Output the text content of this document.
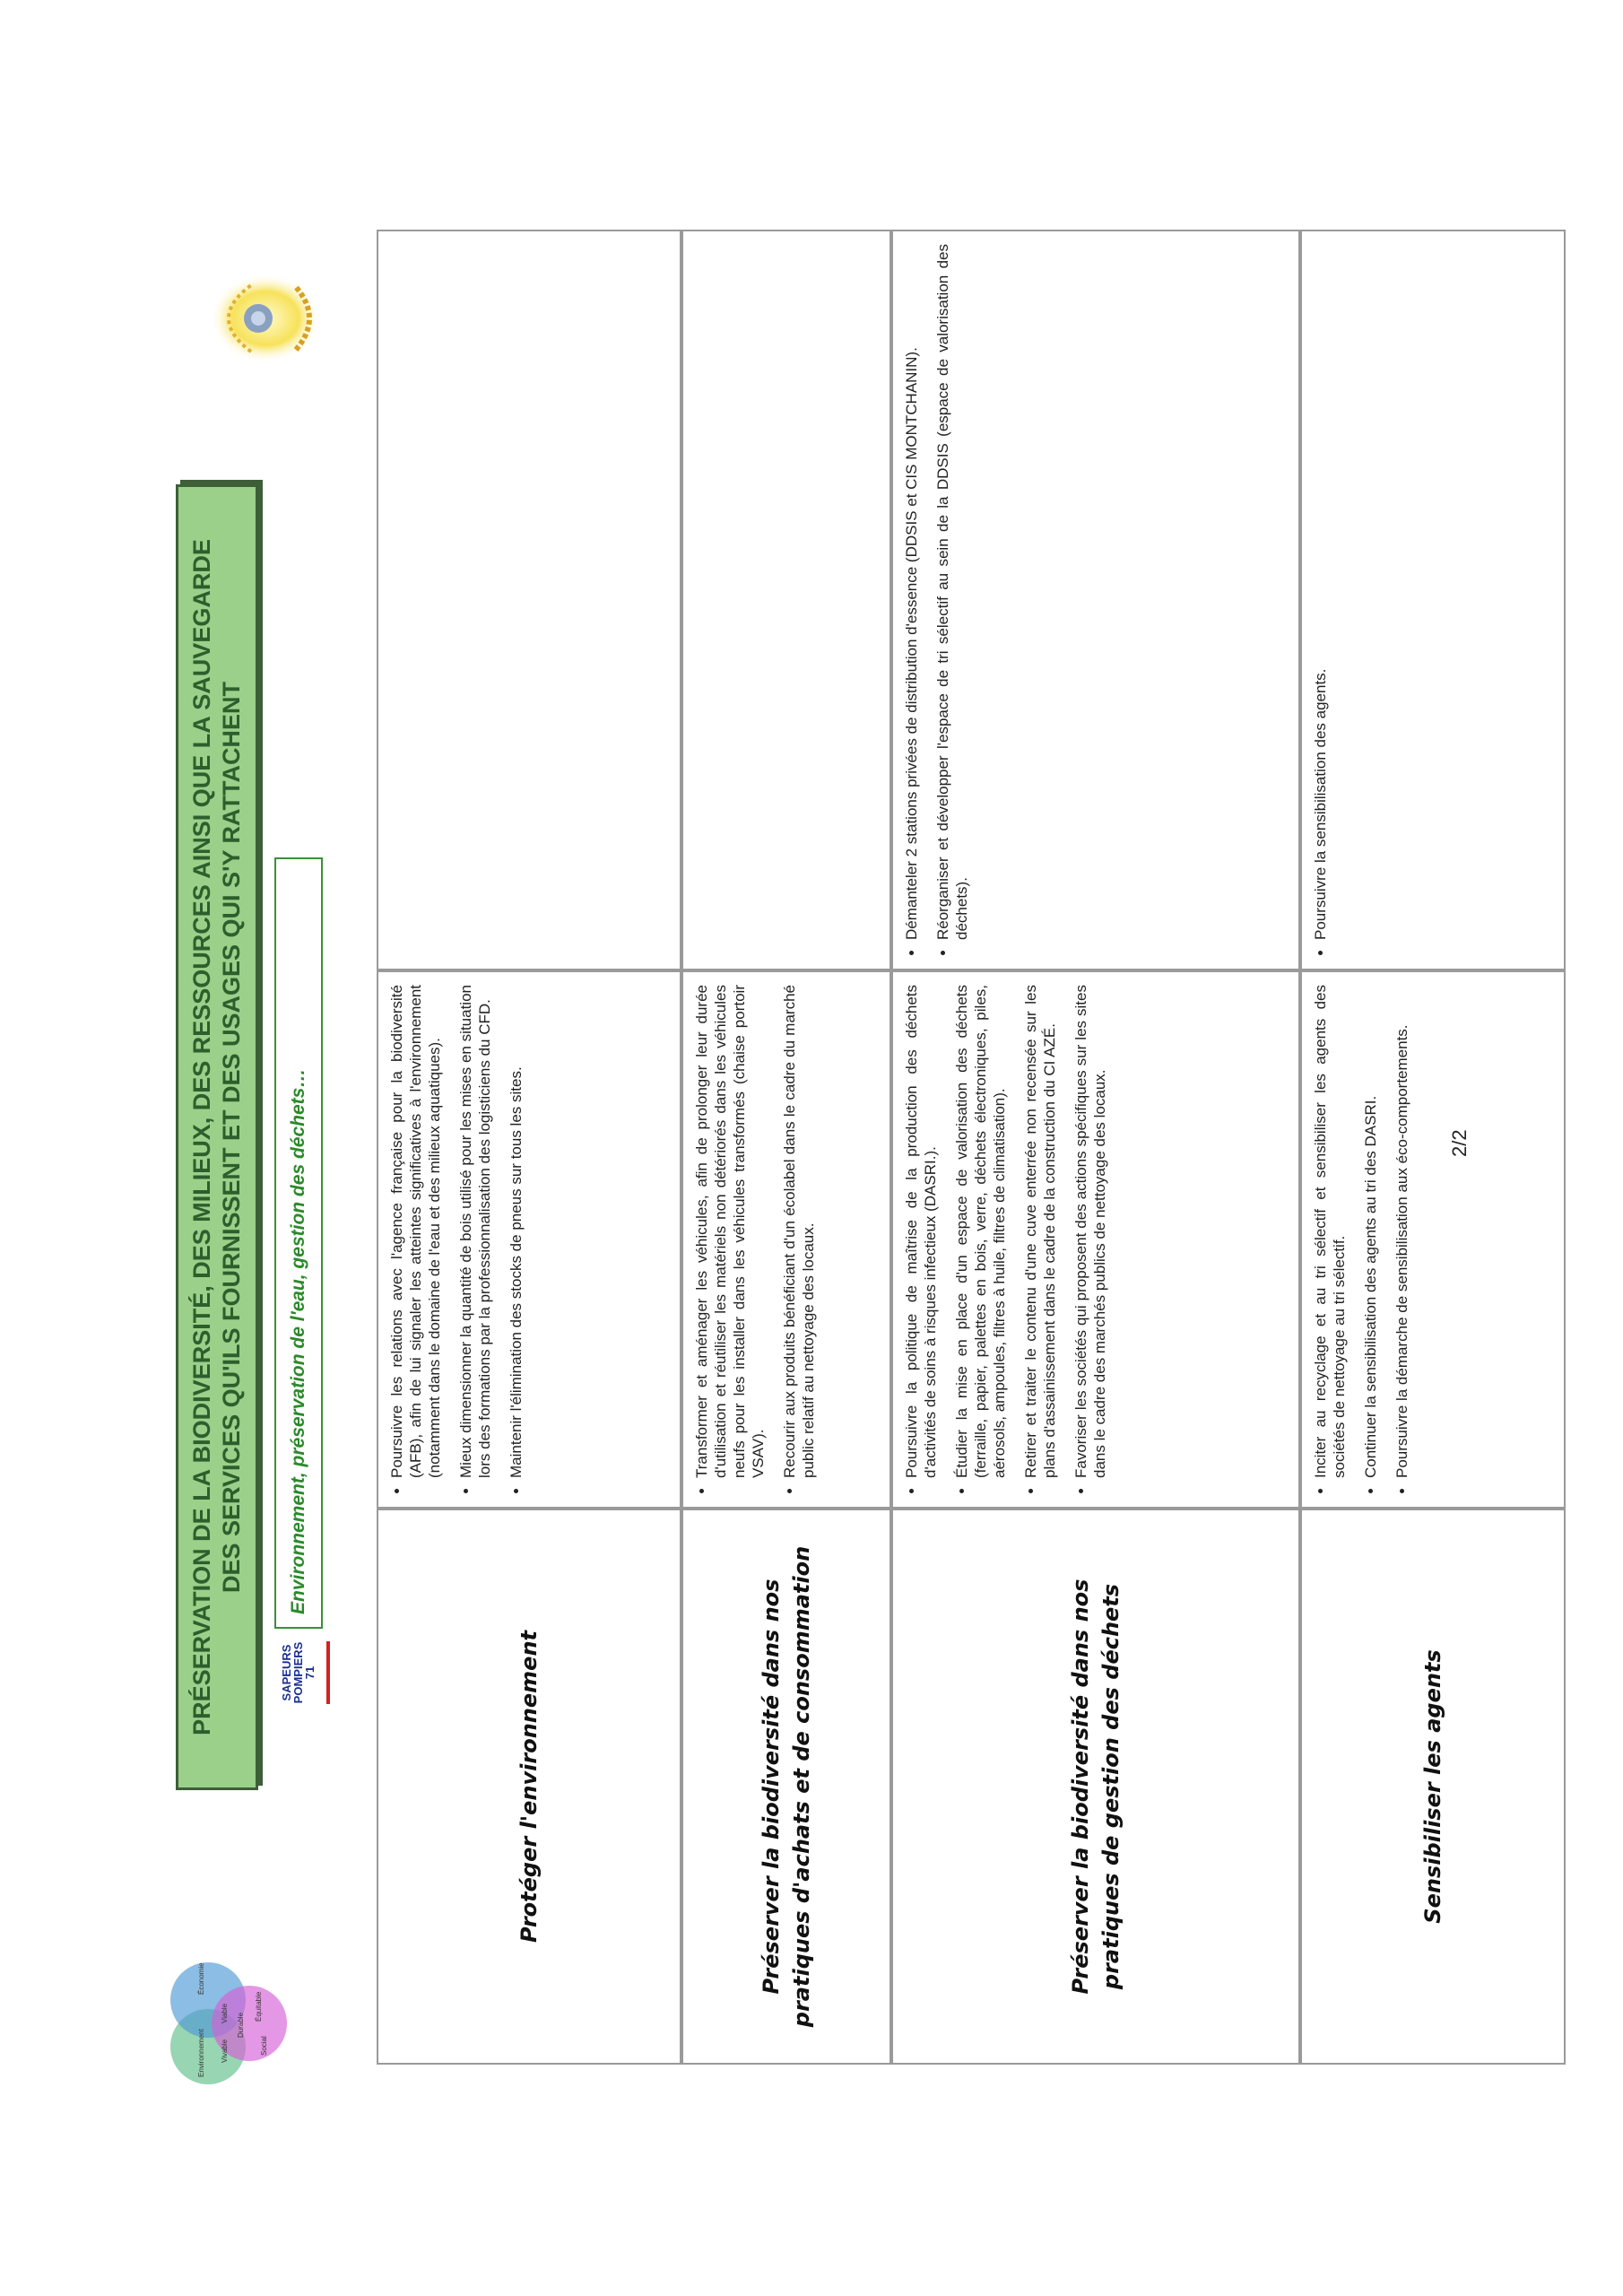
Environnement Vivable
Viable Durable
Économie
Social
Équitable
PRÉSERVATION DE LA BIODIVERSITÉ, DES MILIEUX, DES RESSOURCES AINSI QUE LA SAUVEGARDE DES SERVICES QU'ILS FOURNISSENT ET DES USAGES QUI S'Y RATTACHENT
SAPEURS POMPIERS 71
Environnement, préservation de l'eau, gestion des déchets…
Protéger l'environnement
• Poursuivre les relations avec l'agence française pour la biodiversité (AFB), afin de lui signaler les atteintes significatives à l'environnement (notamment dans le domaine de l'eau et des milieux aquatiques). • Mieux dimensionner la quantité de bois utilisé pour les mises en situation lors des formations par la professionnalisation des logisticiens du CFD. • Maintenir l'élimination des stocks de pneus sur tous les sites.
Préserver la biodiversité dans nos pratiques d'achats et de consommation
• Transformer et aménager les véhicules, afin de prolonger leur durée d'utilisation et réutiliser les matériels non détériorés dans les véhicules neufs pour les installer dans les véhicules transformés (chaise portoir VSAV). • Recourir aux produits bénéficiant d'un écolabel dans le cadre du marché public relatif au nettoyage des locaux.
Préserver la biodiversité dans nos pratiques de gestion des déchets
• Poursuivre la politique de maîtrise de la production des déchets d'activités de soins à risques infectieux (DASRI.). • Étudier la mise en place d'un espace de valorisation des déchets (ferraille, papier, palettes en bois, verre, déchets électroniques, piles, aérosols, ampoules, filtres à huile, filtres de climatisation). • Retirer et traiter le contenu d'une cuve enterrée non recensée sur les plans d'assainissement dans le cadre de la construction du CI AZÉ. • Favoriser les sociétés qui proposent des actions spécifiques sur les sites dans le cadre des marchés publics de nettoyage des locaux.
• Démanteler 2 stations privées de distribution d'essence (DDSIS et CIS MONTCHANIN). • Réorganiser et développer l'espace de tri sélectif au sein de la DDSIS (espace de valorisation des déchets).
Sensibiliser les agents
• Inciter au recyclage et au tri sélectif et sensibiliser les agents des sociétés de nettoyage au tri sélectif. • Continuer la sensibilisation des agents au tri des DASRI. • Poursuivre la démarche de sensibilisation aux éco-comportements.
• Poursuivre la sensibilisation des agents.
2/2
